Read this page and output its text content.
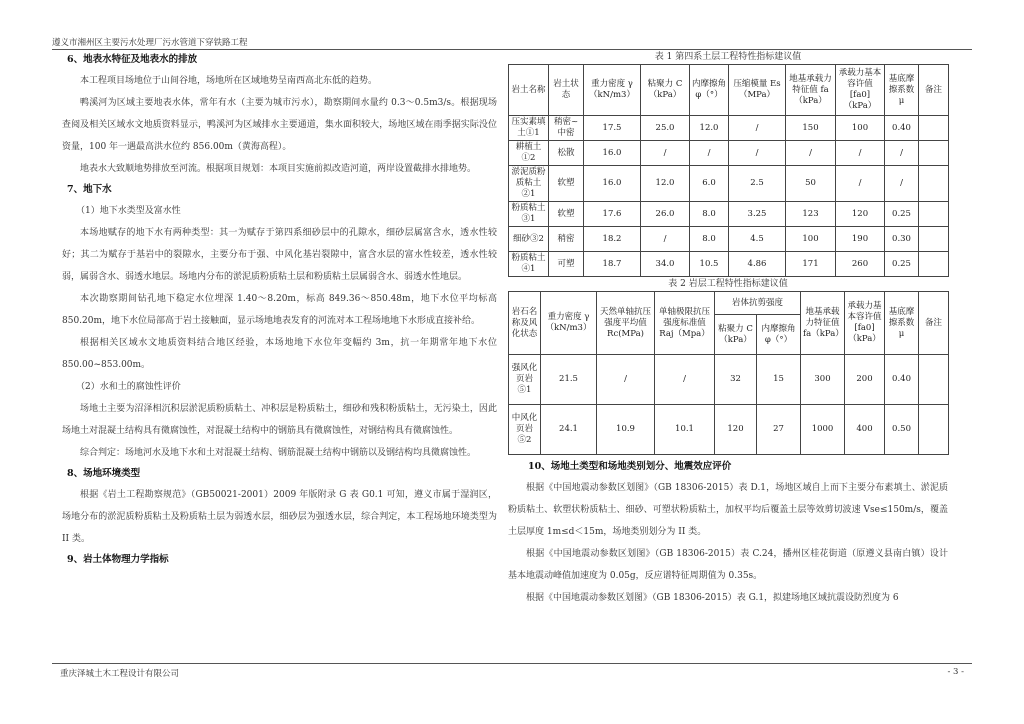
遵义市湘州区主要污水处理厂污水管道下穿铁路工程
6、地表水特征及地表水的排放

本工程项目场地位于山间谷地，场地所在区域地势呈南西高北东低的趋势。

鸭溪河为区域主要地表水体，常年有水（主要为城市污水），勘察期间水量约 0.3～0.5m3/s。根据现场查阅及相关区域水文地质资料显示，鸭溪河为区域排水主要通道，集水面积较大，场地区域在雨季据实际没位资量，100 年一遇最高洪水位约 856.00m（黄海高程）。

地表水大致顺地势排放至河流。根据项目规划：本项目实施前拟改造河道，两岸设置截排水排地势。

7、地下水
（1）地下水类型及富水性

本场地赋存的地下水有两种类型：其一为赋存于第四系细砂层中的孔隙水，细砂层属富含水，透水性较好；其二为赋存于基岩中的裂隙水，主要分布于强、中风化基岩裂隙中，富含水层的富水性较差，透水性较弱，属弱含水、弱透水地层。场地内分布的淤泥质粉质粘土层和粉质粘土层属弱含水、弱透水性地层。

本次勘察期间钻孔地下稳定水位埋深 1.40～8.20m，标高 849.36～850.48m，地下水位平均标高 850.20m，地下水位局部高于岩土接触面，显示场地地表发育的河流对本工程场地地下水形成直接补给。

根据相关区域水文地质资料结合地区经验，本场地地下水位年变幅约 3m，抗一年期常年地下水位 850.00~853.00m。

（2）水和土的腐蚀性评价

场地土主要为沼泽相沉积层淤泥质粉质粘土、冲积层是粉质粘土，细砂和残积粉质粘土，无污染土，因此场地土对混凝土结构具有微腐蚀性，对混凝土结构中的钢筋具有微腐蚀性，对钢结构具有微腐蚀性。

综合判定：场地河水及地下水和土对混凝土结构、钢筋混凝土结构中钢筋以及钢结构均具微腐蚀性。

8、场地环境类型

根据《岩土工程勘察规范》（GB50021-2001）2009 年版附录 G 表 G0.1 可知，遵义市属于湿润区，场地分布的淤泥质粉质粘土及粉质粘土层为弱透水层，细砂层为强透水层，综合判定，本工程场地环境类型为 II 类。

9、岩土体物理力学指标
表 1 第四系土层工程特性指标建议值
岩土名称	岩土状态	重力密度 γ（kN/m3）	粘聚力 C（kPa）	内摩擦角 φ（°）	压缩模量 Es（MPa）	地基承载力特征值 fa（kPa）	承载力基本容许值 [fa0]（kPa）	基底摩擦系数 μ	备注
压实素填土①1	稍密~中密	17.5	25.0	12.0	/	150	100	0.40	
耕植土①2	松散	16.0	/	/	/	/	/	/	
淤泥质粉质粘土②1	软塑	16.0	12.0	6.0	2.5	50	/	/	
粉质粘土③1	软塑	17.6	26.0	8.0	3.25	123	120	0.25	
细砂③2	稍密	18.2	/	8.0	4.5	100	190	0.30	
粉质粘土④1	可塑	18.7	34.0	10.5	4.86	171	260	0.25	
表 2 岩层工程特性指标建议值
岩石名称及风化状态	重力密度 γ（kN/m3）	天然单轴抗压强度平均值 Rc(MPa)	单轴极限抗压强度标准值 Raj（Mpa）	岩体抗剪强度		地基承载力特征值 fa（kPa）	承载力基本容许值 [fa0]（kPa）	基底摩擦系数 μ	备注
				粘聚力 C（kPa）	内摩擦角 φ（°）				
强风化页岩⑤1	21.5	/	/	32	15	300	200	0.40	
中风化页岩⑤2	24.1	10.9	10.1	120	27	1000	400	0.50	
10、场地土类型和场地类别划分、地震效应评价

根据《中国地震动参数区划图》（GB 18306-2015）表 D.1，场地区域自上而下主要分布素填土、淤泥质粉质粘土、软塑状粉质粘土、细砂、可塑状粉质粘土，加权平均后覆盖土层等效剪切波速 Vse≤150m/s，覆盖土层厚度 1m≤d＜15m，场地类别划分为 II 类。

根据《中国地震动参数区划图》（GB 18306-2015）表 C.24，播州区桂花街道（原遵义县南白镇）设计基本地震动峰值加速度为 0.05g，反应谱特征周期值为 0.35s。

根据《中国地震动参数区划图》（GB 18306-2015）表 G.1，拟建场地区域抗震设防烈度为 6

重庆泽城土木工程设计有限公司	- 3 -
